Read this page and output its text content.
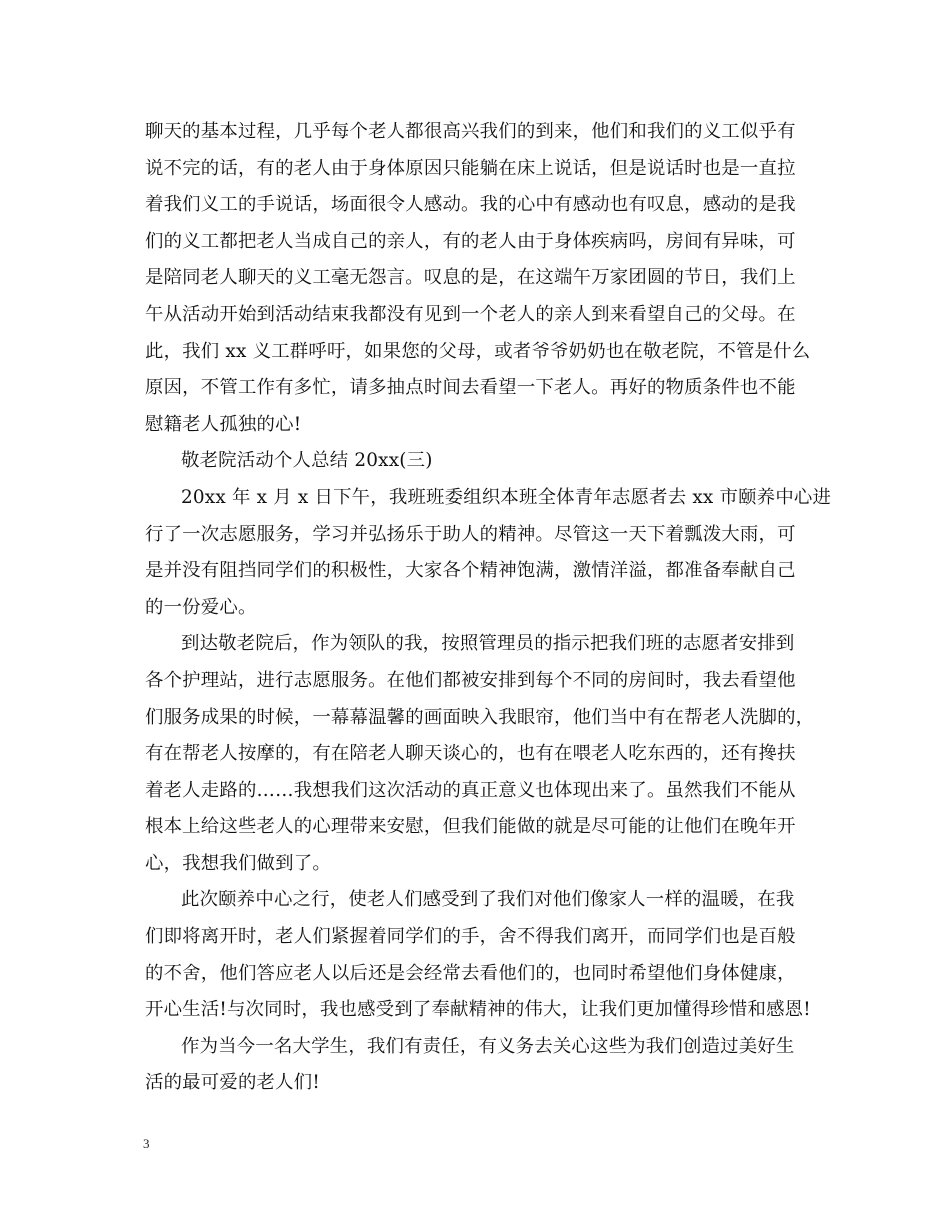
聊天的基本过程，几乎每个老人都很高兴我们的到来，他们和我们的义工似乎有
说不完的话，有的老人由于身体原因只能躺在床上说话，但是说话时也是一直拉
着我们义工的手说话，场面很令人感动。我的心中有感动也有叹息，感动的是我
们的义工都把老人当成自己的亲人，有的老人由于身体疾病吗，房间有异味，可
是陪同老人聊天的义工毫无怨言。叹息的是，在这端午万家团圆的节日，我们上
午从活动开始到活动结束我都没有见到一个老人的亲人到来看望自己的父母。在
此，我们 xx 义工群呼吁，如果您的父母，或者爷爷奶奶也在敬老院，不管是什么
原因，不管工作有多忙，请多抽点时间去看望一下老人。再好的物质条件也不能
慰籍老人孤独的心!
敬老院活动个人总结 20xx(三)
20xx 年 x 月 x 日下午，我班班委组织本班全体青年志愿者去 xx 市颐养中心进
行了一次志愿服务，学习并弘扬乐于助人的精神。尽管这一天下着瓢泼大雨，可
是并没有阻挡同学们的积极性，大家各个精神饱满，激情洋溢，都准备奉献自己
的一份爱心。
到达敬老院后，作为领队的我，按照管理员的指示把我们班的志愿者安排到
各个护理站，进行志愿服务。在他们都被安排到每个不同的房间时，我去看望他
们服务成果的时候，一幕幕温馨的画面映入我眼帘，他们当中有在帮老人洗脚的，
有在帮老人按摩的，有在陪老人聊天谈心的，也有在喂老人吃东西的，还有搀扶
着老人走路的……我想我们这次活动的真正意义也体现出来了。虽然我们不能从
根本上给这些老人的心理带来安慰，但我们能做的就是尽可能的让他们在晚年开
心，我想我们做到了。
此次颐养中心之行，使老人们感受到了我们对他们像家人一样的温暖，在我
们即将离开时，老人们紧握着同学们的手，舍不得我们离开，而同学们也是百般
的不舍，他们答应老人以后还是会经常去看他们的，也同时希望他们身体健康，
开心生活!与次同时，我也感受到了奉献精神的伟大，让我们更加懂得珍惜和感恩!
作为当今一名大学生，我们有责任，有义务去关心这些为我们创造过美好生
活的最可爱的老人们!
3
